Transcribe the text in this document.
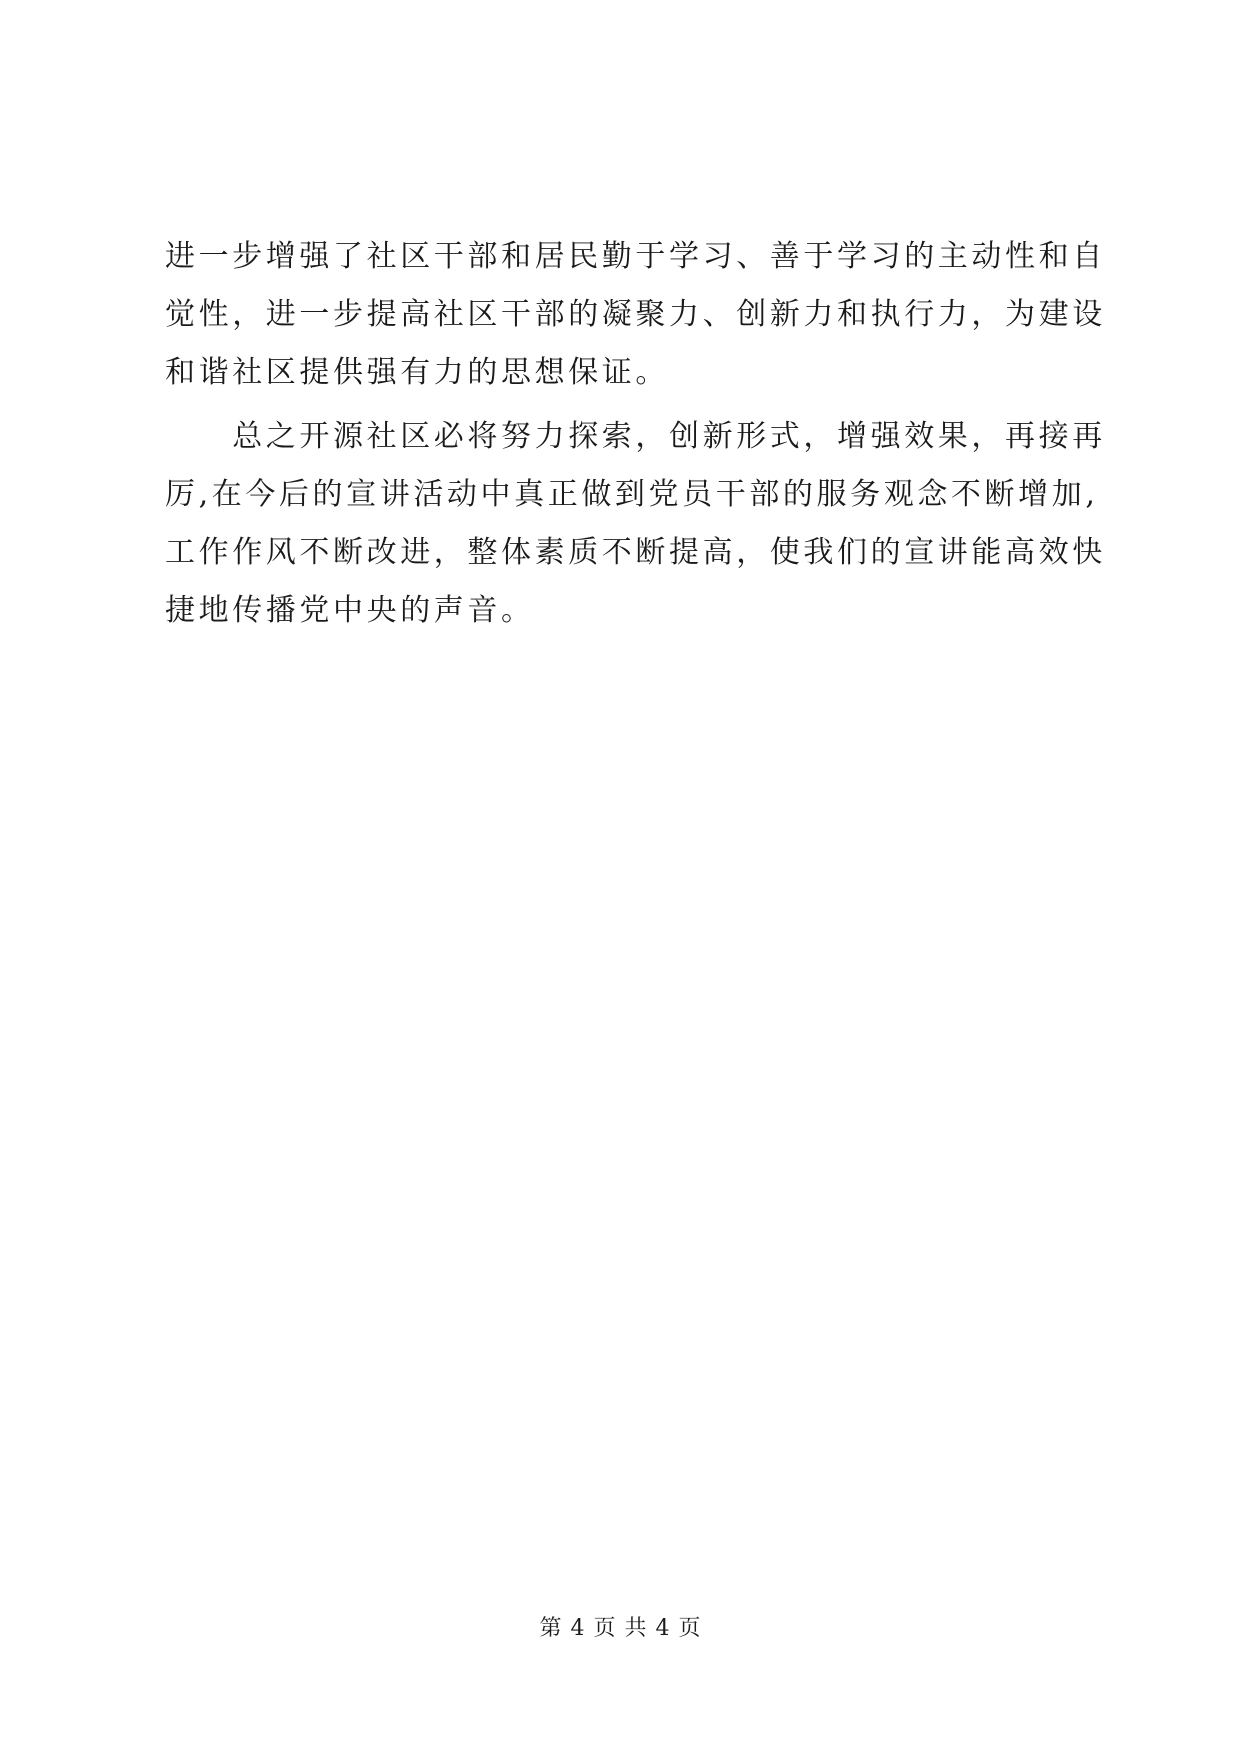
进一步增强了社区干部和居民勤于学习、善于学习的主动性和自
觉性，进一步提高社区干部的凝聚力、创新力和执行力，为建设
和谐社区提供强有力的思想保证。

　　总之开源社区必将努力探索，创新形式，增强效果，再接再
厉,在今后的宣讲活动中真正做到党员干部的服务观念不断增加,
工作作风不断改进，整体素质不断提高，使我们的宣讲能高效快
捷地传播党中央的声音。

第 4 页 共 4 页
